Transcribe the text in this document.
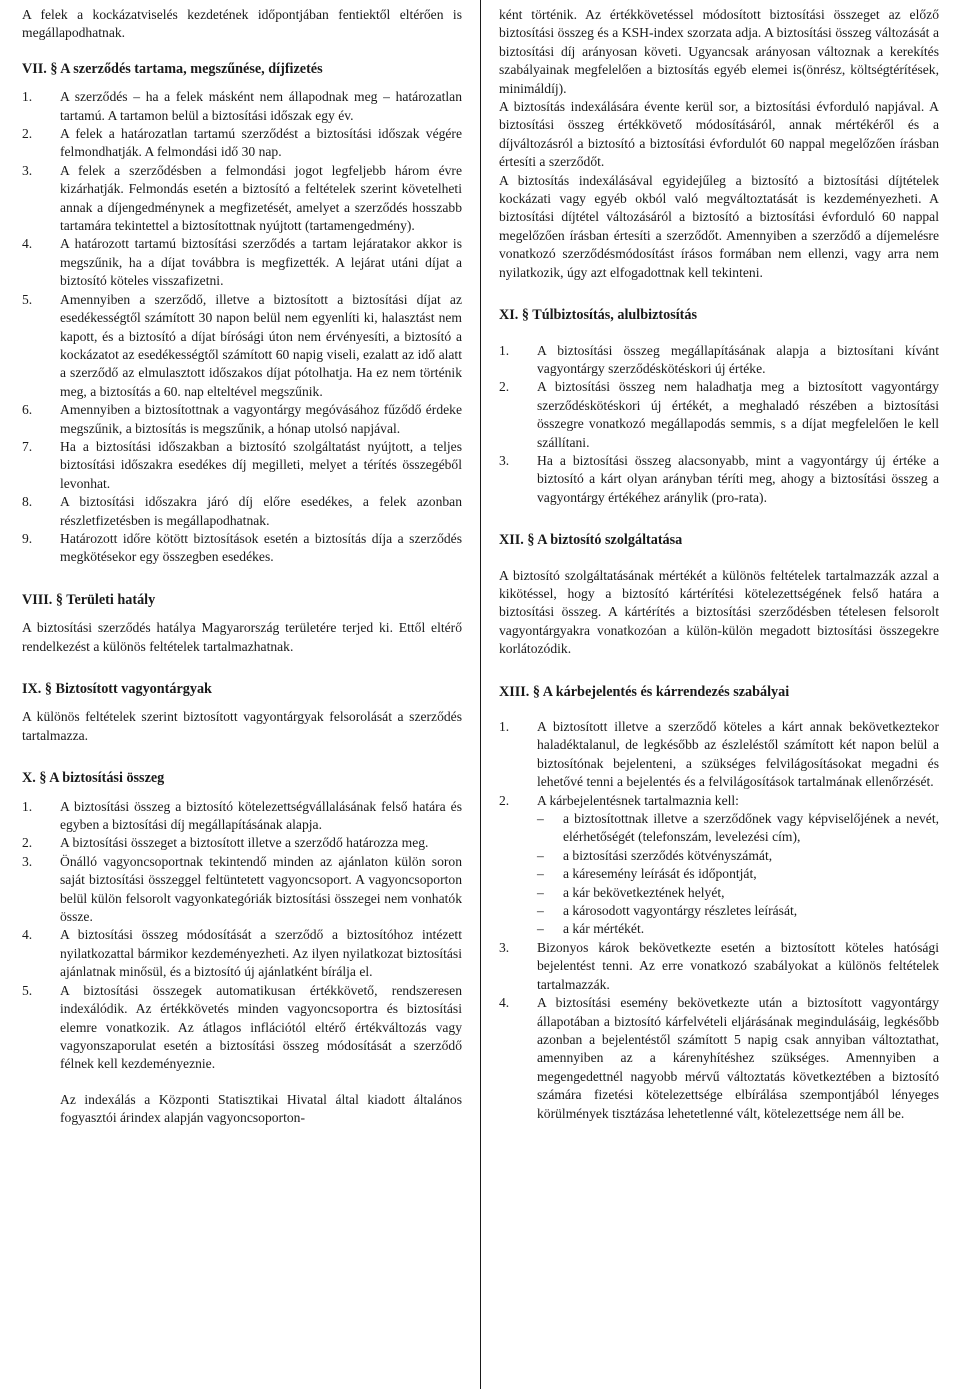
A felek a kockázatviselés kezdetének időpontjában fentiektől eltérően is megállapodhatnak.

VII. § A szerződés tartama, megszűnése, díjfizetés

1.	A szerződés – ha a felek másként nem állapodnak meg – határozatlan tartamú. A tartamon belül a biztosítási időszak egy év.
2.	A felek a határozatlan tartamú szerződést a biztosítási időszak végére felmondhatják. A felmondási idő 30 nap.
3.	A felek a szerződésben a felmondási jogot legfeljebb három évre kizárhatják. Felmondás esetén a biztosító a feltételek szerint követelheti annak a díjengedménynek a megfizetését, amelyet a szerződés hosszabb tartamára tekintettel a biztosítottnak nyújtott (tartamengedmény).
4.	A határozott tartamú biztosítási szerződés a tartam lejáratakor akkor is megszűnik, ha a díjat továbbra is megfizették. A lejárat utáni díjat a biztosító köteles visszafizetni.
5.	Amennyiben a szerződő, illetve a biztosított a biztosítási díjat az esedékességtől számított 30 napon belül nem egyenlíti ki, halasztást nem kapott, és a biztosító a díjat bírósági úton nem érvényesíti, a biztosító a kockázatot az esedékességtől számított 60 napig viseli, ezalatt az idő alatt a szerződő az elmulasztott időszakos díjat pótolhatja. Ha ez nem történik meg, a biztosítás a 60. nap elteltével megszűnik.
6.	Amennyiben a biztosítottnak a vagyontárgy megóvásához fűződő érdeke megszűnik, a biztosítás is megszűnik, a hónap utolsó napjával.
7.	Ha a biztosítási időszakban a biztosító szolgáltatást nyújtott, a teljes biztosítási időszakra esedékes díj megilleti, melyet a térítés összegéből levonhat.
8.	A biztosítási időszakra járó díj előre esedékes, a felek azonban részletfizetésben is megállapodhatnak.
9.	Határozott időre kötött biztosítások esetén a biztosítás díja a szerződés megkötésekor egy összegben esedékes.

VIII. § Területi hatály

A biztosítási szerződés hatálya Magyarország területére terjed ki. Ettől eltérő rendelkezést a különös feltételek tartalmazhatnak.

IX. § Biztosított vagyontárgyak

A különös feltételek szerint biztosított vagyontárgyak felsorolását a szerződés tartalmazza.

X. § A biztosítási összeg

1.	A biztosítási összeg a biztosító kötelezettségvállalásának felső határa és egyben a biztosítási díj megállapításának alapja.
2.	A biztosítási összeget a biztosított illetve a szerződő határozza meg.
3.	Önálló vagyoncsoportnak tekintendő minden az ajánlaton külön soron saját biztosítási összeggel feltüntetett vagyoncsoport. A vagyoncsoporton belül külön felsorolt vagyonkategóriák biztosítási összegei nem vonhatók össze.
4.	A biztosítási összeg módosítását a szerződő a biztosítóhoz intézett nyilatkozattal bármikor kezdeményezheti. Az ilyen nyilatkozat biztosítási ajánlatnak minősül, és a biztosító új ajánlatként bírálja el.
5.	A biztosítási összegek automatikusan értékkövető, rendszeresen indexálódik. Az értékkövetés minden vagyoncsoportra és biztosítási elemre vonatkozik. Az átlagos inflációtól eltérő értékváltozás vagy vagyonszaporulat esetén a biztosítási összeg módosítását a szerződő félnek kell kezdeményeznie.
Az indexálás a Központi Statisztikai Hivatal által kiadott általános fogyasztói árindex alapján vagyoncsoporton-

ként történik. Az értékkövetéssel módosított biztosítási összeget az előző biztosítási összeg és a KSH-index szorzata adja. A biztosítási összeg változását a biztosítási díj arányosan követi. Ugyancsak arányosan változnak a kerekítés szabályainak megfelelően a biztosítás egyéb elemei is(önrész, költségtérítések, minimáldíj).

A biztosítás indexálására évente kerül sor, a biztosítási évforduló napjával. A biztosítási összeg értékkövető módosításáról, annak mértékéről és a díjváltozásról a biztosító a biztosítási évfordulót 60 nappal megelőzően írásban értesíti a szerződőt.

A biztosítás indexálásával egyidejűleg a biztosító a biztosítási díjtételek kockázati vagy egyéb okból való megváltoztatását is kezdeményezheti. A biztosítási díjtétel változásáról a biztosító a biztosítási évforduló 60 nappal megelőzően írásban értesíti a szerződőt. Amennyiben a szerződő a díjemelésre vonatkozó szerződésmódosítást írásos formában nem ellenzi, vagy arra nem nyilatkozik, úgy azt elfogadottnak kell tekinteni.

XI. § Túlbiztosítás, alulbiztosítás

1.	A biztosítási összeg megállapításának alapja a biztosítani kívánt vagyontárgy szerződéskötéskori új értéke.
2.	A biztosítási összeg nem haladhatja meg a biztosított vagyontárgy szerződéskötéskori új értékét, a meghaladó részében a biztosítási összegre vonatkozó megállapodás semmis, s a díjat megfelelően le kell szállítani.
3.	Ha a biztosítási összeg alacsonyabb, mint a vagyontárgy új értéke a biztosító a kárt olyan arányban téríti meg, ahogy a biztosítási összeg a vagyontárgy értékéhez aránylik (pro-rata).

XII. § A biztosító szolgáltatása

A biztosító szolgáltatásának mértékét a különös feltételek tartalmazzák azzal a kikötéssel, hogy a biztosító kártérítési kötelezettségének felső határa a biztosítási összeg. A kártérítés a biztosítási szerződésben tételesen felsorolt vagyontárgyakra vonatkozóan a külön-külön megadott biztosítási összegekre korlátozódik.

XIII. § A kárbejelentés és kárrendezés szabályai

1.	A biztosított illetve a szerződő köteles a kárt annak bekövetkeztekor haladéktalanul, de legkésőbb az észleléstől számított két napon belül a biztosítónak bejelenteni, a szükséges felvilágosításokat megadni és lehetővé tenni a bejelentés és a felvilágosítások tartalmának ellenőrzését.
2.	A kárbejelentésnek tartalmaznia kell:
–	a biztosítottnak illetve a szerződőnek vagy képviselőjének a nevét, elérhetőségét (telefonszám, levelezési cím),
–	a biztosítási szerződés kötvényszámát,
–	a káresemény leírását és időpontját,
–	a kár bekövetkeztének helyét,
–	a károsodott vagyontárgy részletes leírását,
–	a kár mértékét.
3.	Bizonyos károk bekövetkezte esetén a biztosított köteles hatósági bejelentést tenni. Az erre vonatkozó szabályokat a különös feltételek tartalmazzák.
4.	A biztosítási esemény bekövetkezte után a biztosított vagyontárgy állapotában a biztosító kárfelvételi eljárásának megindulásáig, legkésőbb azonban a bejelentéstől számított 5 napig csak annyiban változtathat, amennyiben az a kárenyhítéshez szükséges. Amennyiben a megengedettnél nagyobb mérvű változtatás következtében a biztosító számára fizetési kötelezettsége elbírálása szempontjából lényeges körülmények tisztázása lehetetlenné vált, kötelezettsége nem áll be.
